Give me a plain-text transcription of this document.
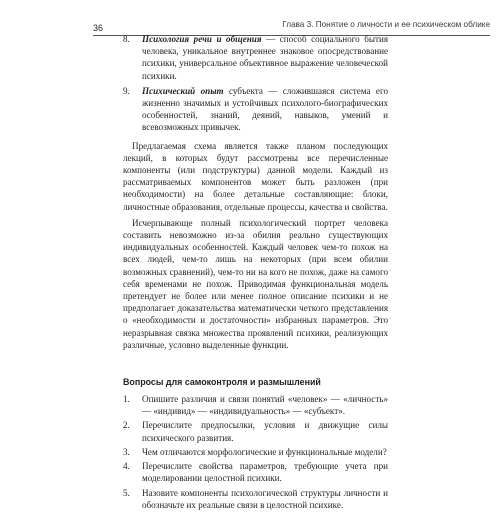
Глава 3. Понятие о личности и ее психическом облике
36
8. Психология речи и общения — способ социального бытия человека, уникальное внутреннее знаковое опосредствование психики, универсальное объективное выражение человеческой психики.
9. Психический опыт субъекта — сложившаяся система его жизненно значимых и устойчивых психолого-биографических особенностей, знаний, деяний, навыков, умений и всевозможных привычек.

Предлагаемая схема является также планом последующих лекций, в которых будут рассмотрены все перечисленные компоненты (или подструктуры) данной модели. Каждый из рассматриваемых компонентов может быть разложен (при необходимости) на более детальные составляющие: блоки, личностные образования, отдельные процессы, качества и свойства.

Исчерпывающе полный психологический портрет человека составить невозможно из-за обилия реально существующих индивидуальных особенностей. Каждый человек чем-то похож на всех людей, чем-то лишь на некоторых (при всем обилии возможных сравнений), чем-то ни на кого не похож, даже на самого себя временами не похож. Приводимая функциональная модель претендует не более или менее полное описание психики и не предполагает доказательства математически четкого представления о «необходимости и достаточности» избранных параметров. Это неразрывная связка множества проявлений психики, реализующих различные, условно выделенные функции.

Вопросы для самоконтроля и размышлений
1. Опишите различия и связи понятий «человек» — «личность» — «индивид» — «индивидуальность» — «субъект».
2. Перечислите предпосылки, условия и движущие силы психического развития.
3. Чем отличаются морфологические и функциональные модели?
4. Перечислите свойства параметров, требующие учета при моделировании целостной психики.
5. Назовите компоненты психологической структуры личности и обозначьте их реальные связи в целостной психике.
